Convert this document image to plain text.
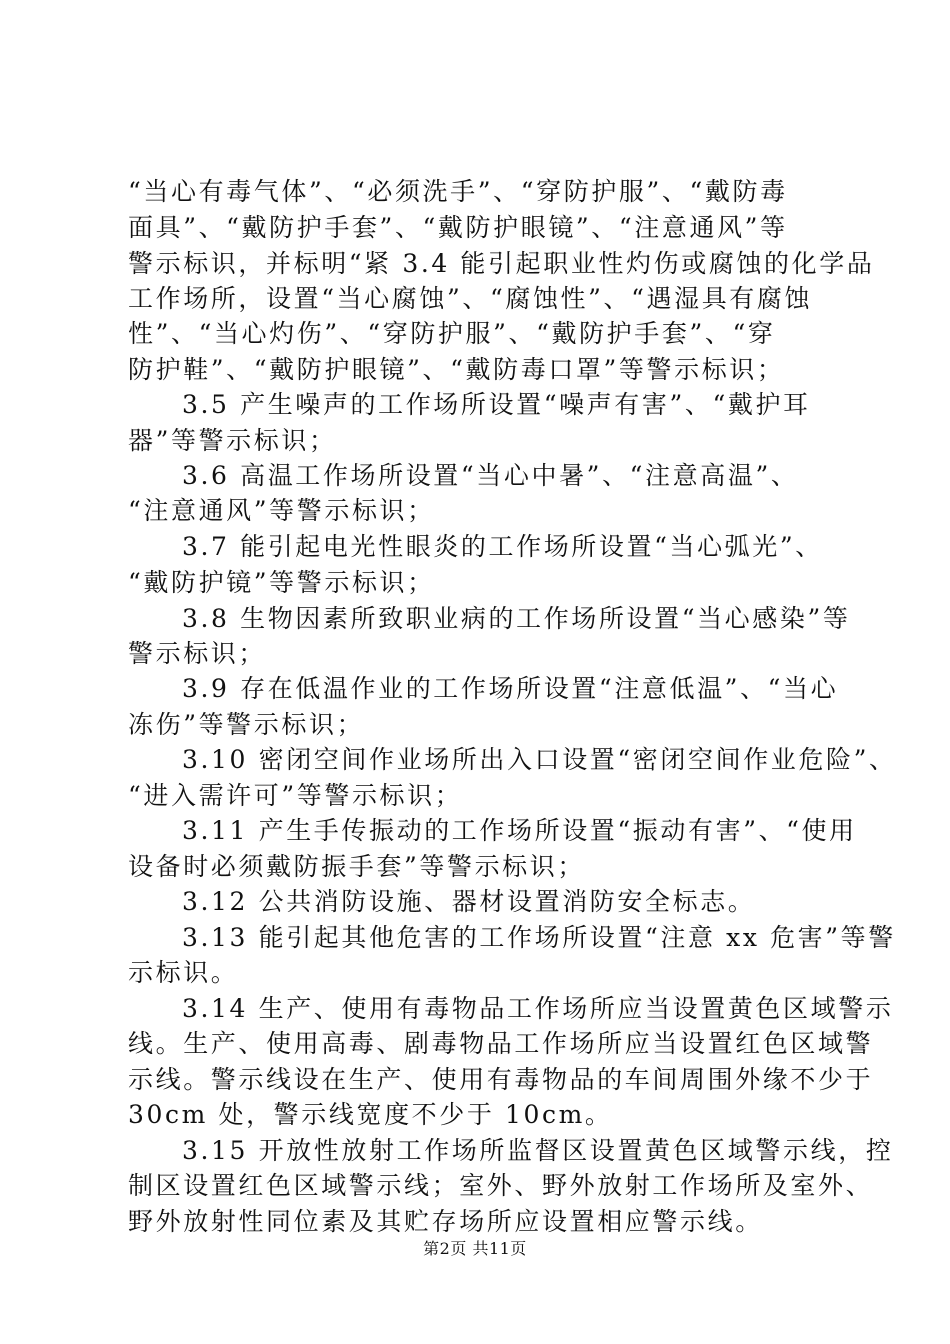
“当心有毒气体”、“必须洗手”、“穿防护服”、“戴防毒
面具”、“戴防护手套”、“戴防护眼镜”、“注意通风”等
警示标识，并标明“紧 3.4 能引起职业性灼伤或腐蚀的化学品
工作场所，设置“当心腐蚀”、“腐蚀性”、“遇湿具有腐蚀
性”、“当心灼伤”、“穿防护服”、“戴防护手套”、“穿
防护鞋”、“戴防护眼镜”、“戴防毒口罩”等警示标识；
3.5 产生噪声的工作场所设置“噪声有害”、“戴护耳
器”等警示标识；
3.6 高温工作场所设置“当心中暑”、“注意高温”、
“注意通风”等警示标识；
3.7 能引起电光性眼炎的工作场所设置“当心弧光”、
“戴防护镜”等警示标识；
3.8 生物因素所致职业病的工作场所设置“当心感染”等
警示标识；
3.9 存在低温作业的工作场所设置“注意低温”、“当心
冻伤”等警示标识；
3.10 密闭空间作业场所出入口设置“密闭空间作业危险”、
“进入需许可”等警示标识；
3.11 产生手传振动的工作场所设置“振动有害”、“使用
设备时必须戴防振手套”等警示标识；
3.12 公共消防设施、器材设置消防安全标志。
3.13 能引起其他危害的工作场所设置“注意 xx 危害”等警
示标识。
3.14 生产、使用有毒物品工作场所应当设置黄色区域警示
线。生产、使用高毒、剧毒物品工作场所应当设置红色区域警
示线。警示线设在生产、使用有毒物品的车间周围外缘不少于
30cm 处，警示线宽度不少于 10cm。
3.15 开放性放射工作场所监督区设置黄色区域警示线，控
制区设置红色区域警示线；室外、野外放射工作场所及室外、
野外放射性同位素及其贮存场所应设置相应警示线。
第2页 共11页
